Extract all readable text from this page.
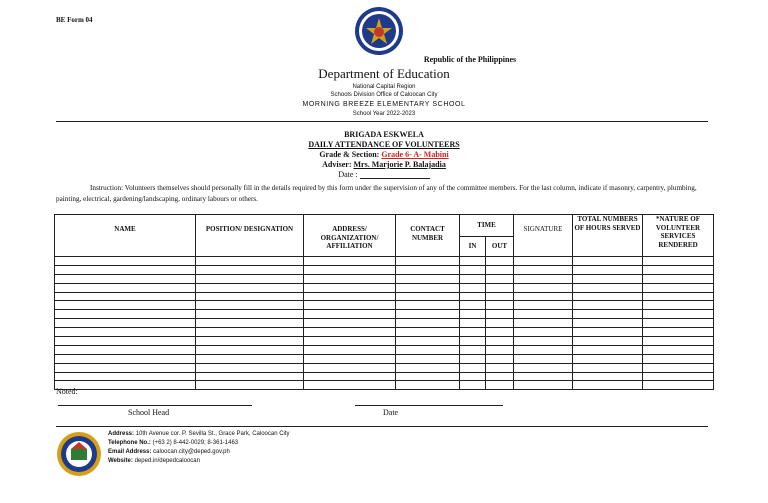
BE Form 04
Republic of the Philippines
Department of Education
National Capital Region
Schools Division Office of Caloocan City
MORNING BREEZE ELEMENTARY SCHOOL
School Year 2022-2023
BRIGADA ESKWELA
DAILY ATTENDANCE OF VOLUNTEERS
Grade & Section: Grade 6- A- Mabini
Adviser: Mrs. Marjorie P. Balajadia
Date :
Instruction: Volunteers themselves should personally fill in the details required by this form under the supervision of any of the committee members. For the last column, indicate if masonry, carpentry, plumbing, painting, electrical, gardening/landscaping, ordinary labours or others.
NAME	POSITION/ DESIGNATION	ADDRESS/ ORGANIZATION/ AFFILIATION	CONTACT NUMBER	TIME		SIGNATURE	TOTAL NUMBERS OF HOURS SERVED	*NATURE OF VOLUNTEER SERVICES RENDERED
				IN	OUT			

Noted:
School Head	Date
Address: 10th Avenue cor. P. Sevilla St., Grace Park, Caloocan City
Telephone No.: (+63 2) 8-442-0029; 8-361-1463
Email Address: caloocan.city@deped.gov.ph
Website: deped.in/depedcaloocan
